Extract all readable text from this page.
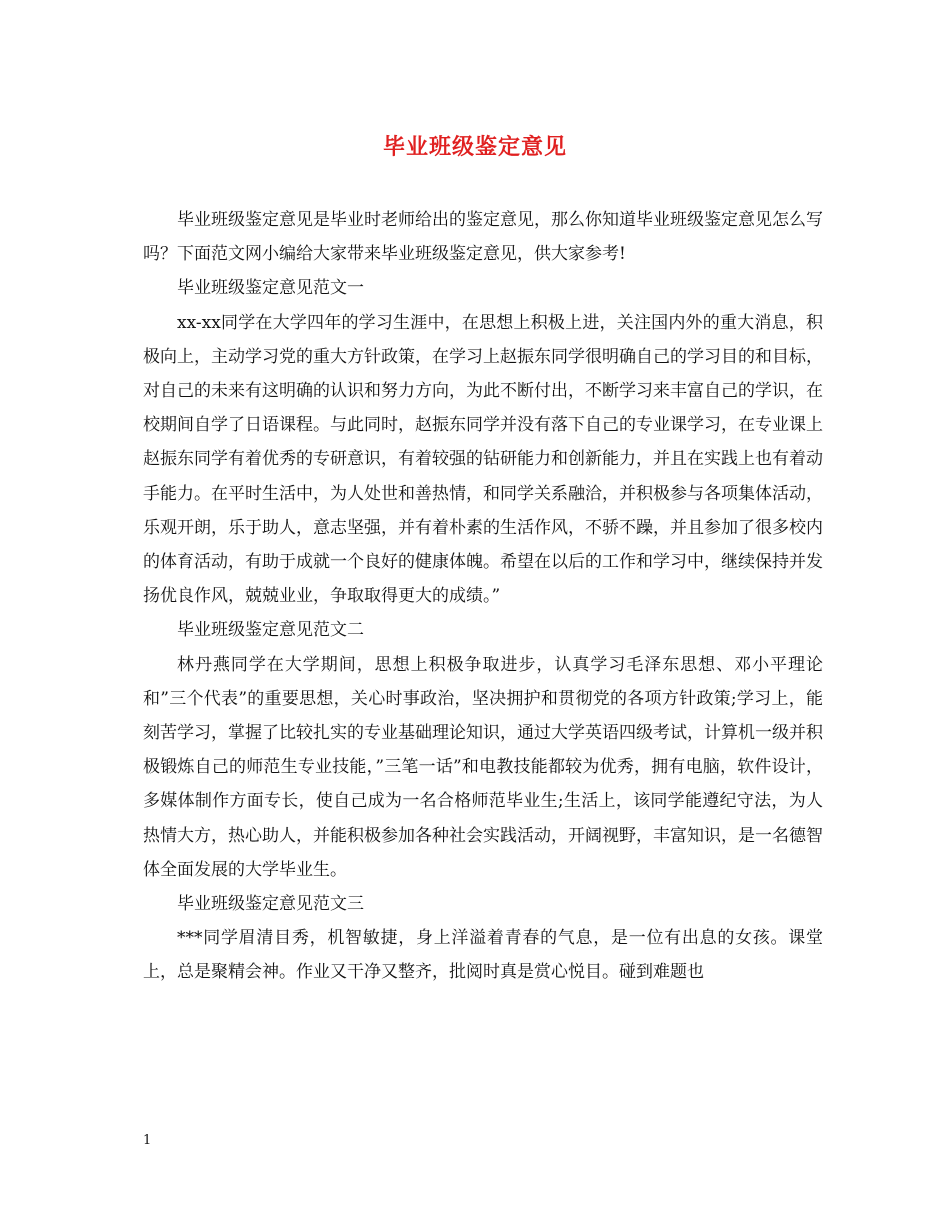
毕业班级鉴定意见

毕业班级鉴定意见是毕业时老师给出的鉴定意见，那么你知道毕业班级鉴定意见怎么写吗？下面范文网小编给大家带来毕业班级鉴定意见，供大家参考!

毕业班级鉴定意见范文一

xx-xx同学在大学四年的学习生涯中，在思想上积极上进，关注国内外的重大消息，积极向上，主动学习党的重大方针政策，在学习上赵振东同学很明确自己的学习目的和目标，对自己的未来有这明确的认识和努力方向，为此不断付出，不断学习来丰富自己的学识，在校期间自学了日语课程。与此同时，赵振东同学并没有落下自己的专业课学习，在专业课上赵振东同学有着优秀的专研意识，有着较强的钻研能力和创新能力，并且在实践上也有着动手能力。在平时生活中，为人处世和善热情，和同学关系融洽，并积极参与各项集体活动，乐观开朗，乐于助人，意志坚强，并有着朴素的生活作风，不骄不躁，并且参加了很多校内的体育活动，有助于成就一个良好的健康体魄。希望在以后的工作和学习中，继续保持并发扬优良作风，兢兢业业，争取取得更大的成绩。”

毕业班级鉴定意见范文二

林丹燕同学在大学期间，思想上积极争取进步，认真学习毛泽东思想、邓小平理论和”三个代表”的重要思想，关心时事政治，坚决拥护和贯彻党的各项方针政策;学习上，能刻苦学习，掌握了比较扎实的专业基础理论知识，通过大学英语四级考试，计算机一级并积极锻炼自己的师范生专业技能，”三笔一话”和电教技能都较为优秀，拥有电脑，软件设计，多媒体制作方面专长，使自己成为一名合格师范毕业生;生活上，该同学能遵纪守法，为人热情大方，热心助人，并能积极参加各种社会实践活动，开阔视野，丰富知识，是一名德智体全面发展的大学毕业生。

毕业班级鉴定意见范文三

***同学眉清目秀，机智敏捷，身上洋溢着青春的气息，是一位有出息的女孩。课堂上，总是聚精会神。作业又干净又整齐，批阅时真是赏心悦目。碰到难题也

1
